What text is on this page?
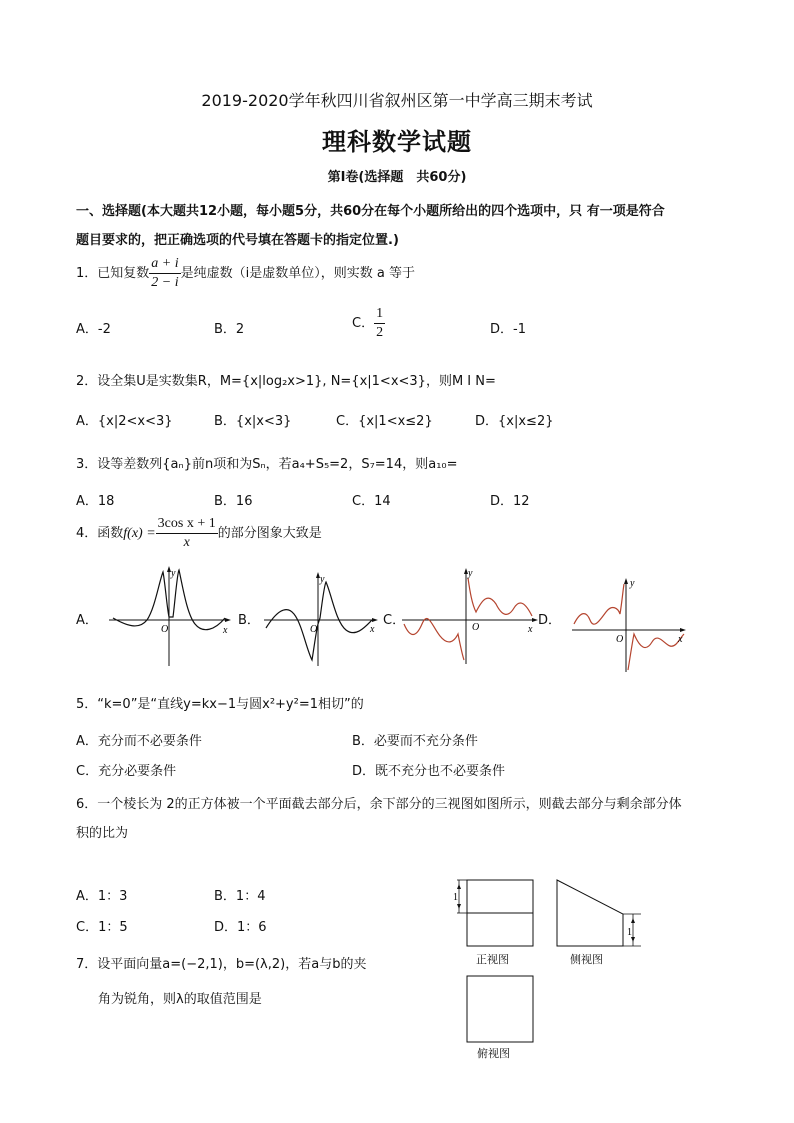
2019-2020学年秋四川省叙州区第一中学高三期末考试
理科数学试题
第Ⅰ卷(选择题　共60分)
一、选择题(本大题共12小题，每小题5分，共60分在每个小题所给出的四个选项中，只 有一项是符合
题目要求的，把正确选项的代号填在答题卡的指定位置.)
1．已知复数 $\frac{a + i}{2 - i}$ 是纯虚数（i是虚数单位），则实数 a 等于
A．-2	B．2	C． $\frac{1}{2}$	D．-1
2．设全集U是实数集R，M={x|log₂x>1}, N={x|1<x<3}，则M I N=
A．{x|2<x<3}	B．{x|x<3}	C．{x|1<x≤2}	D．{x|x≤2}
3．设等差数列{aₙ}前n项和为Sₙ，若a₄+S₅=2，S₇=14，则a₁₀=
A．18	B．16	C．14	D．12
4．函数$f(x) = \frac{\text{3cos x + 1}}{x}$ 的部分图象大致是
A．	B．	C．	D．
y
x
O
y
x
O
y
x
O
y
x
O
5．“k=0”是“直线y=kx−1与圆x²+y²=1相切”的
A．充分而不必要条件	B．必要而不充分条件
C．充分必要条件	D．既不充分也不必要条件
6．一个棱长为 2的正方体被一个平面截去部分后，余下部分的三视图如图所示，则截去部分与剩余部分体
积的比为
A．1：3	B．1：4
C．1：5	D．1：6
1
1
正视图	侧视图
俯视图
7．设平面向量a=(−2,1)，b=(λ,2)，若a与b的夹
角为锐角，则λ的取值范围是
